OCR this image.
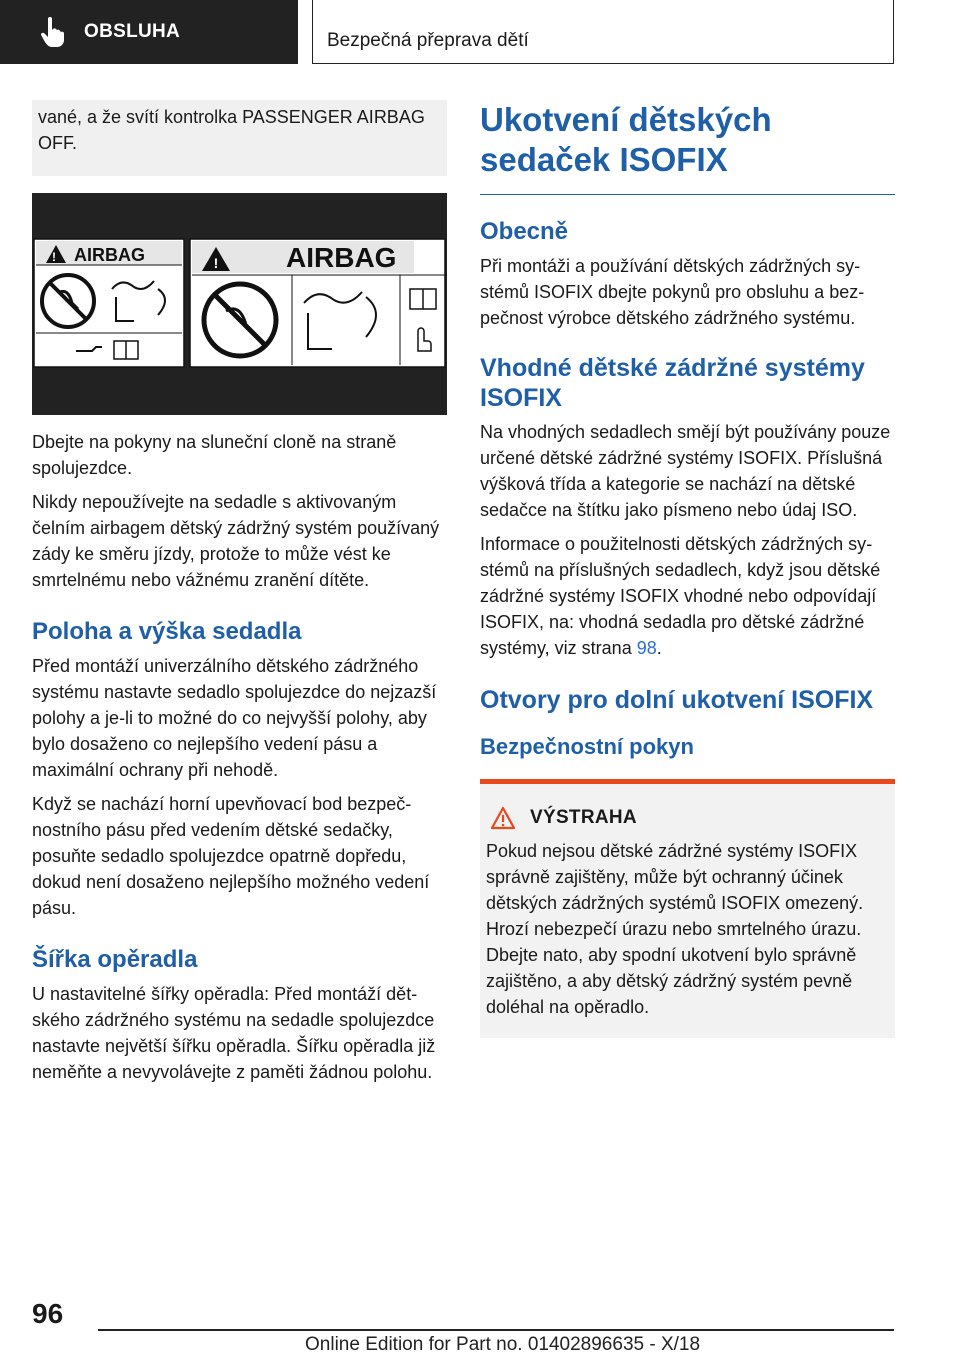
OBSLUHA	Bezpečná přeprava dětí

vané, a že svítí kontrolka PASSENGER AIRBAG OFF.

! AIRBAG	! AIRBAG

Dbejte na pokyny na sluneční cloně na straně spolujezdce.

Nikdy nepoužívejte na sedadle s aktivovaným čelním airbagem dětský zádržný systém používaný zády ke směru jízdy, protože to může vést ke smrtelnému nebo vážnému zranění dítěte.

Poloha a výška sedadla

Před montáží univerzálního dětského zádržného systému nastavte sedadlo spolujezdce do nejzazší polohy a je-li to možné do co nejvyšší polohy, aby bylo dosaženo co nejlepšího vedení pásu a maximální ochrany při nehodě.

Když se nachází horní upevňovací bod bezpečnostního pásu před vedením dětské sedačky, posuňte sedadlo spolujezdce opatrně dopředu, dokud není dosaženo nejlepšího možného vedení pásu.

Šířka opěradla

U nastavitelné šířky opěradla: Před montáží dětského zádržného systému na sedadle spolujezdce nastavte největší šířku opěradla. Šířku opěradla již neměňte a nevyvolávejte z paměti žádnou polohu.

Ukotvení dětských sedaček ISOFIX
Obecně

Při montáži a používání dětských zádržných systémů ISOFIX dbejte pokynů pro obsluhu a bezpečnost výrobce dětského zádržného systému.

Vhodné dětské zádržné systémy ISOFIX

Na vhodných sedadlech smějí být používány pouze určené dětské zádržné systémy ISOFIX. Příslušná výšková třída a kategorie se nachází na dětské sedačce na štítku jako písmeno nebo údaj ISO.

Informace o použitelnosti dětských zádržných systémů na příslušných sedadlech, když jsou dětské zádržné systémy ISOFIX vhodné nebo odpovídají ISOFIX, na: vhodná sedadla pro dětské zádržné systémy, viz strana 98.

Otvory pro dolní ukotvení ISOFIX
Bezpečnostní pokyn
VÝSTRAHA

Pokud nejsou dětské zádržné systémy ISOFIX správně zajištěny, může být ochranný účinek dětských zádržných systémů ISOFIX omezený. Hrozí nebezpečí úrazu nebo smrtelného úrazu. Dbejte nato, aby spodní ukotvení bylo správně zajištěno, a aby dětský zádržný systém pevně doléhal na opěradlo.

96
Online Edition for Part no. 01402896635 - X/18
